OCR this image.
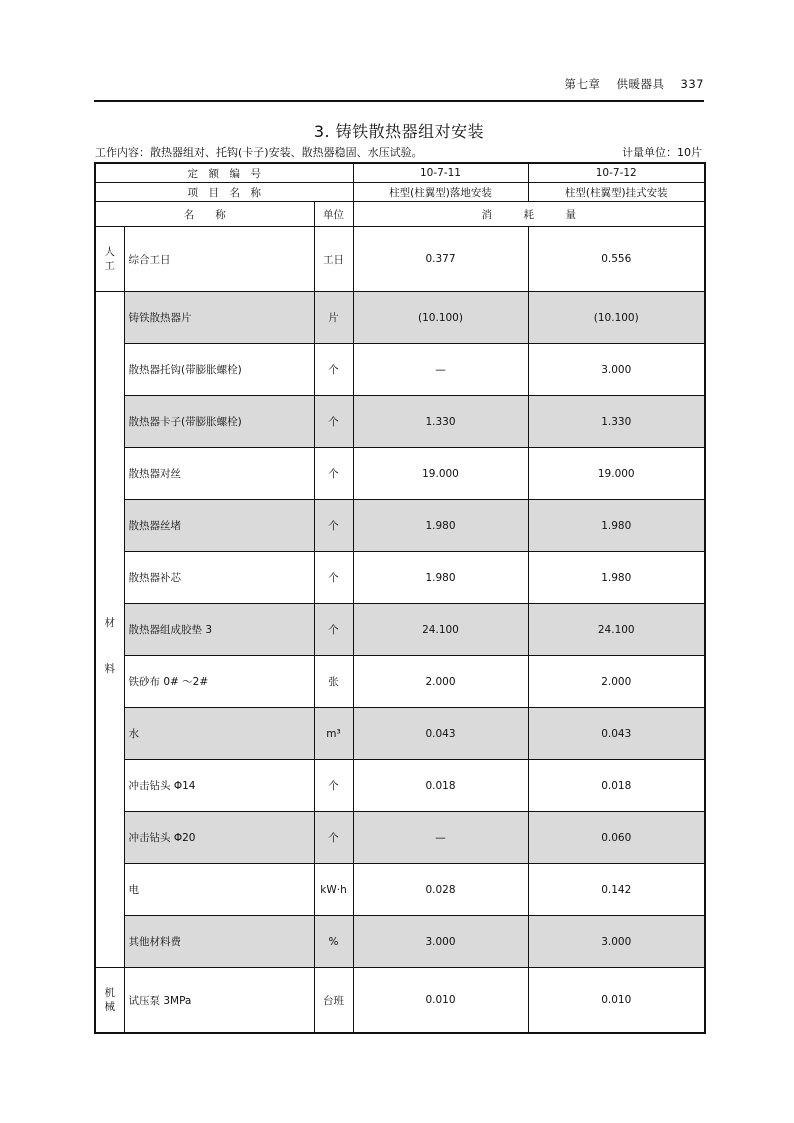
第七章 供暖器具 337
3. 铸铁散热器组对安装
工作内容：散热器组对、托钩(卡子)安装、散热器稳固、水压试验。	计量单位：10片
定　额　编　号			10-7-11	10-7-12
项　目　名　称			柱型(柱翼型)落地安装	柱型(柱翼型)挂式安装
名　　称		单位	消　　　耗　　　量	
人工	综合工日	工日	0.377	0.556

材
料	铸铁散热器片	片	(10.100)	(10.100)
	散热器托钩(带膨胀螺栓)	个	—	3.000
	散热器卡子(带膨胀螺栓)	个	1.330	1.330
	散热器对丝	个	19.000	19.000
	散热器丝堵	个	1.980	1.980
	散热器补芯	个	1.980	1.980
	散热器组成胶垫 3	个	24.100	24.100
	铁砂布 0# ～2#	张	2.000	2.000
	水	m³	0.043	0.043
	冲击钻头 Φ14	个	0.018	0.018
	冲击钻头 Φ20	个	—	0.060
	电	kW·h	0.028	0.142
	其他材料费	%	3.000	3.000
机械	试压泵 3MPa	台班	0.010	0.010
